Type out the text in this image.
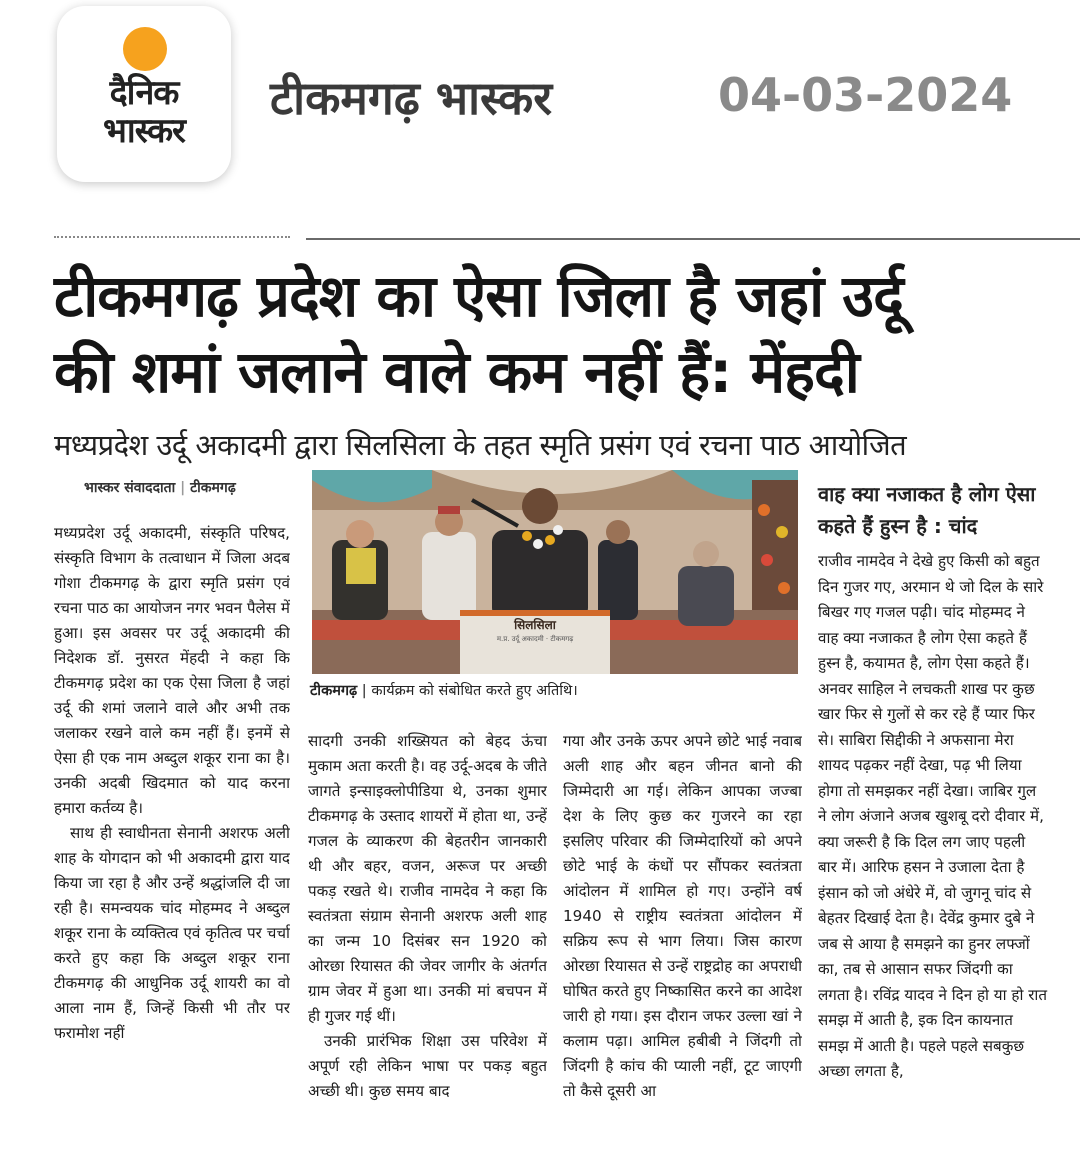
दैनिक
भास्कर
टीकमगढ़ भास्कर	04-03-2024
टीकमगढ़ प्रदेश का ऐसा जिला है जहां उर्दू
की शमां जलाने वाले कम नहीं हैं: मेंहदी
मध्यप्रदेश उर्दू अकादमी द्वारा सिलसिला के तहत स्मृति प्रसंग एवं रचना पाठ आयोजित
भास्कर संवाददाता | टीकमगढ़

मध्यप्रदेश उर्दू अकादमी, संस्कृति परिषद, संस्कृति विभाग के तत्वाधान में जिला अदब गोशा टीकमगढ़ के द्वारा स्मृति प्रसंग एवं रचना पाठ का आयोजन नगर भवन पैलेस में हुआ। इस अवसर पर उर्दू अकादमी की निदेशक डॉ. नुसरत मेंहदी ने कहा कि टीकमगढ़ प्रदेश का एक ऐसा जिला है जहां उर्दू की शमां जलाने वाले और अभी तक जलाकर रखने वाले कम नहीं हैं। इनमें से ऐसा ही एक नाम अब्दुल शकूर राना का है। उनकी अदबी खिदमात को याद करना हमारा कर्तव्य है।

साथ ही स्वाधीनता सेनानी अशरफ अली शाह के योगदान को भी अकादमी द्वारा याद किया जा रहा है और उन्हें श्रद्धांजलि दी जा रही है। समन्वयक चांद मोहम्मद ने अब्दुल शकूर राना के व्यक्तित्व एवं कृतित्व पर चर्चा करते हुए कहा कि अब्दुल शकूर राना टीकमगढ़ की आधुनिक उर्दू शायरी का वो आला नाम हैं, जिन्हें किसी भी तौर पर फरामोश नहीं

सिलसिला
म.प्र. उर्दू अकादमी · टीकमगढ़
टीकमगढ़ | कार्यक्रम को संबोधित करते हुए अतिथि।

सादगी उनकी शख्सियत को बेहद ऊंचा मुकाम अता करती है। वह उर्दू-अदब के जीते जागते इन्साइक्लोपीडिया थे, उनका शुमार टीकमगढ़ के उस्ताद शायरों में होता था, उन्हें गजल के व्याकरण की बेहतरीन जानकारी थी और बहर, वजन, अरूज पर अच्छी पकड़ रखते थे। राजीव नामदेव ने कहा कि स्वतंत्रता संग्राम सेनानी अशरफ अली शाह का जन्म 10 दिसंबर सन 1920 को ओरछा रियासत की जेवर जागीर के अंतर्गत ग्राम जेवर में हुआ था। उनकी मां बचपन में ही गुजर गई थीं।

उनकी प्रारंभिक शिक्षा उस परिवेश में अपूर्ण रही लेकिन भाषा पर पकड़ बहुत अच्छी थी। कुछ समय बाद

गया और उनके ऊपर अपने छोटे भाई नवाब अली शाह और बहन जीनत बानो की जिम्मेदारी आ गई। लेकिन आपका जज्बा देश के लिए कुछ कर गुजरने का रहा इसलिए परिवार की जिम्मेदारियों को अपने छोटे भाई के कंधों पर सौंपकर स्वतंत्रता आंदोलन में शामिल हो गए। उन्होंने वर्ष 1940 से राष्ट्रीय स्वतंत्रता आंदोलन में सक्रिय रूप से भाग लिया। जिस कारण ओरछा रियासत से उन्हें राष्ट्रद्रोह का अपराधी घोषित करते हुए निष्कासित करने का आदेश जारी हो गया। इस दौरान जफर उल्ला खां ने कलाम पढ़ा। आमिल हबीबी ने जिंदगी तो जिंदगी है कांच की प्याली नहीं, टूट जाएगी तो कैसे दूसरी आ

वाह क्या नजाकत है लोग ऐसा कहते हैं हुस्न है : चांद

राजीव नामदेव ने देखे हुए किसी को बहुत दिन गुजर गए, अरमान थे जो दिल के सारे बिखर गए गजल पढ़ी। चांद मोहम्मद ने वाह क्या नजाकत है लोग ऐसा कहते हैं हुस्न है, कयामत है, लोग ऐसा कहते हैं। अनवर साहिल ने लचकती शाख पर कुछ खार फिर से गुलों से कर रहे हैं प्यार फिर से। साबिरा सिद्दीकी ने अफसाना मेरा शायद पढ़कर नहीं देखा, पढ़ भी लिया होगा तो समझकर नहीं देखा। जाबिर गुल ने लोग अंजाने अजब खुशबू दरो दीवार में, क्या जरूरी है कि दिल लग जाए पहली बार में। आरिफ हसन ने उजाला देता है इंसान को जो अंधेरे में, वो जुगनू चांद से बेहतर दिखाई देता है। देवेंद्र कुमार दुबे ने जब से आया है समझने का हुनर लफ्जों का, तब से आसान सफर जिंदगी का लगता है। रविंद्र यादव ने दिन हो या हो रात समझ में आती है, इक दिन कायनात समझ में आती है। पहले पहले सबकुछ अच्छा लगता है,
